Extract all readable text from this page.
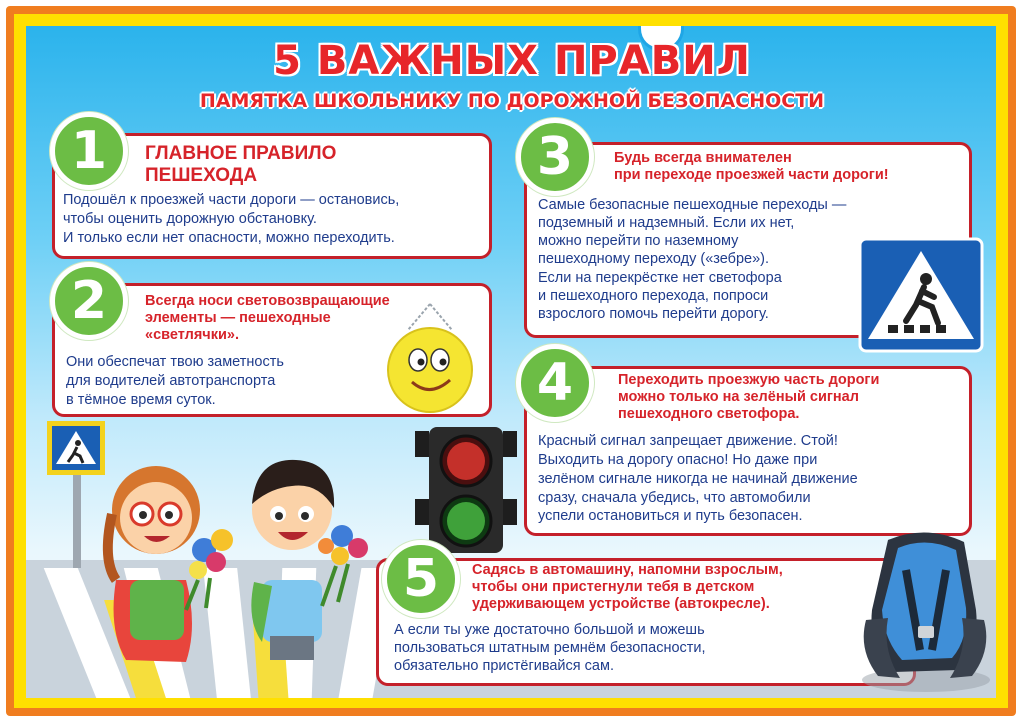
5 ВАЖНЫХ ПРАВИЛ
ПАМЯТКА ШКОЛЬНИКУ ПО ДОРОЖНОЙ БЕЗОПАСНОСТИ
1	ГЛАВНОЕ ПРАВИЛО
ПЕШЕХОДА
Подошёл к проезжей части дороги — остановись,
чтобы оценить дорожную обстановку.
И только если нет опасности, можно переходить.
2	Всегда носи световозвращающие
элементы — пешеходные
«светлячки».
Они обеспечат твою заметность
для водителей автотранспорта
в тёмное время суток.
3	Будь всегда внимателен
при переходе проезжей части дороги!
Самые безопасные пешеходные переходы —
подземный и надземный. Если их нет,
можно перейти по наземному
пешеходному переходу («зебре»).
Если на перекрёстке нет светофора
и пешеходного перехода, попроси
взрослого помочь перейти дорогу.
4	Переходить проезжую часть дороги
можно только на зелёный сигнал
пешеходного светофора.
Красный сигнал запрещает движение. Стой!
Выходить на дорогу опасно! Но даже при
зелёном сигнале никогда не начинай движение
сразу, сначала убедись, что автомобили
успели остановиться и путь безопасен.
5	Садясь в автомашину, напомни взрослым,
чтобы они пристегнули тебя в детском
удерживающем устройстве (автокресле).
А если ты уже достаточно большой и можешь
пользоваться штатным ремнём безопасности,
обязательно пристёгивайся сам.
